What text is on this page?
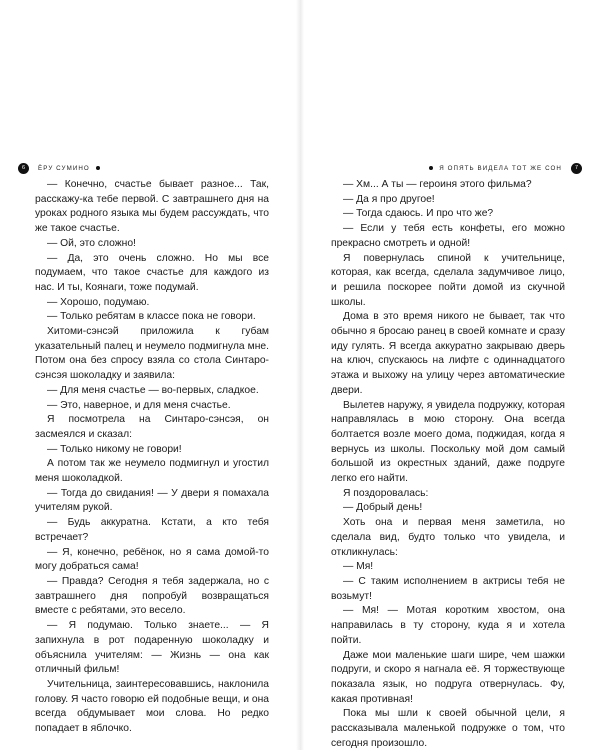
6	ЁРУ СУМИНО	Я ОПЯТЬ ВИДЕЛА ТОТ ЖЕ СОН	7

— Конечно, счастье бывает разное... Так, расскажу-ка тебе первой. С завтрашнего дня на уроках родного языка мы будем рассуждать, что же такое счастье.

— Ой, это сложно!

— Да, это очень сложно. Но мы все подумаем, что такое счастье для каждого из нас. И ты, Коянаги, тоже подумай.

— Хорошо, подумаю.

— Только ребятам в классе пока не говори.

Хитоми-сэнсэй приложила к губам указательный палец и неумело подмигнула мне. Потом она без спросу взяла со стола Синтаро-сэнсэя шоколадку и заявила:

— Для меня счастье — во-первых, сладкое.

— Это, наверное, и для меня счастье.

Я посмотрела на Синтаро-сэнсэя, он засмеялся и сказал:

— Только никому не говори!

А потом так же неумело подмигнул и угостил меня шоколадкой.

— Тогда до свидания! — У двери я помахала учителям рукой.

— Будь аккуратна. Кстати, а кто тебя встречает?

— Я, конечно, ребёнок, но я сама домой-то могу добраться сама!

— Правда? Сегодня я тебя задержала, но с завтрашнего дня попробуй возвращаться вместе с ребятами, это весело.

— Я подумаю. Только знаете... — Я запихнула в рот подаренную шоколадку и объяснила учителям: — Жизнь — она как отличный фильм!

Учительница, заинтересовавшись, наклонила голову. Я часто говорю ей подобные вещи, и она всегда обдумывает мои слова. Но редко попадает в яблочко.

— Хм... А ты — героиня этого фильма?

— Да я про другое!

— Тогда сдаюсь. И про что же?

— Если у тебя есть конфеты, его можно прекрасно смотреть и одной!

Я повернулась спиной к учительнице, которая, как всегда, сделала задумчивое лицо, и решила поскорее пойти домой из скучной школы.

Дома в это время никого не бывает, так что обычно я бросаю ранец в своей комнате и сразу иду гулять. Я всегда аккуратно закрываю дверь на ключ, спускаюсь на лифте с одиннадцатого этажа и выхожу на улицу через автоматические двери.

Вылетев наружу, я увидела подружку, которая направлялась в мою сторону. Она всегда болтается возле моего дома, поджидая, когда я вернусь из школы. Поскольку мой дом самый большой из окрестных зданий, даже подруге легко его найти.

Я поздоровалась:

— Добрый день!

Хоть она и первая меня заметила, но сделала вид, будто только что увидела, и откликнулась:

— Мя!

— С таким исполнением в актрисы тебя не возьмут!

— Мя! — Мотая коротким хвостом, она направилась в ту сторону, куда я и хотела пойти.

Даже мои маленькие шаги шире, чем шажки подруги, и скоро я нагнала её. Я торжествующе показала язык, но подруга отвернулась. Фу, какая противная!

Пока мы шли к своей обычной цели, я рассказывала маленькой подружке о том, что сегодня произошло.
